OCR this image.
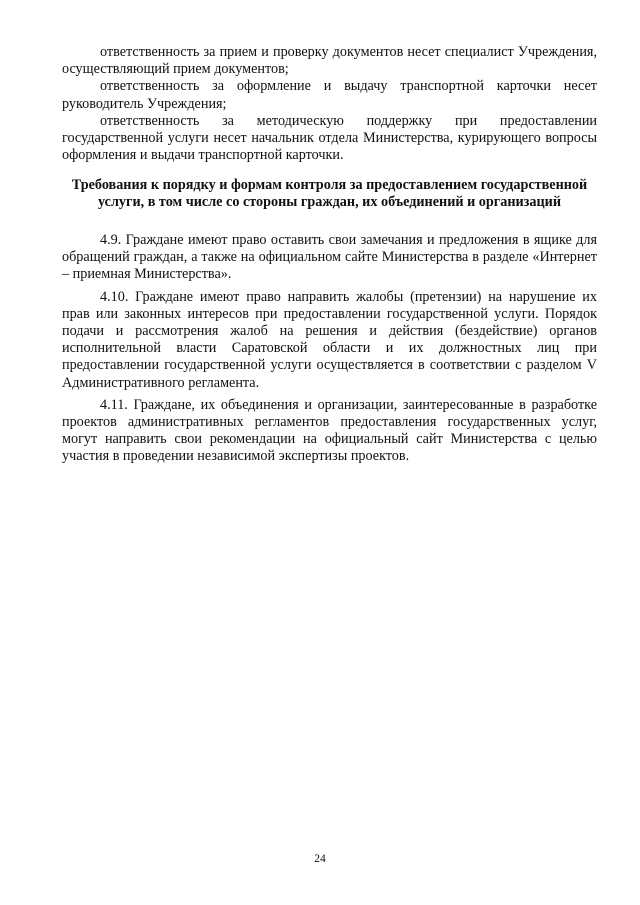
ответственность за прием и проверку документов несет специалист Учреждения, осуществляющий прием документов;

ответственность за оформление и выдачу транспортной карточки несет руководитель Учреждения;

ответственность за методическую поддержку при предоставлении государственной услуги несет начальник отдела Министерства, курирующего вопросы оформления и выдачи транспортной карточки.

Требования к порядку и формам контроля за предоставлением государственной услуги, в том числе со стороны граждан, их объединений и организаций

4.9. Граждане имеют право оставить свои замечания и предложения в ящике для обращений граждан, а также на официальном сайте Министерства в разделе «Интернет – приемная Министерства».

4.10. Граждане имеют право направить жалобы (претензии) на нарушение их прав или законных интересов при предоставлении государственной услуги. Порядок подачи и рассмотрения жалоб на решения и действия (бездействие) органов исполнительной власти Саратовской области и их должностных лиц при предоставлении государственной услуги осуществляется в соответствии с разделом V Административного регламента.

4.11. Граждане, их объединения и организации, заинтересованные в разработке проектов административных регламентов предоставления государственных услуг, могут направить свои рекомендации на официальный сайт Министерства с целью участия в проведении независимой экспертизы проектов.

24
